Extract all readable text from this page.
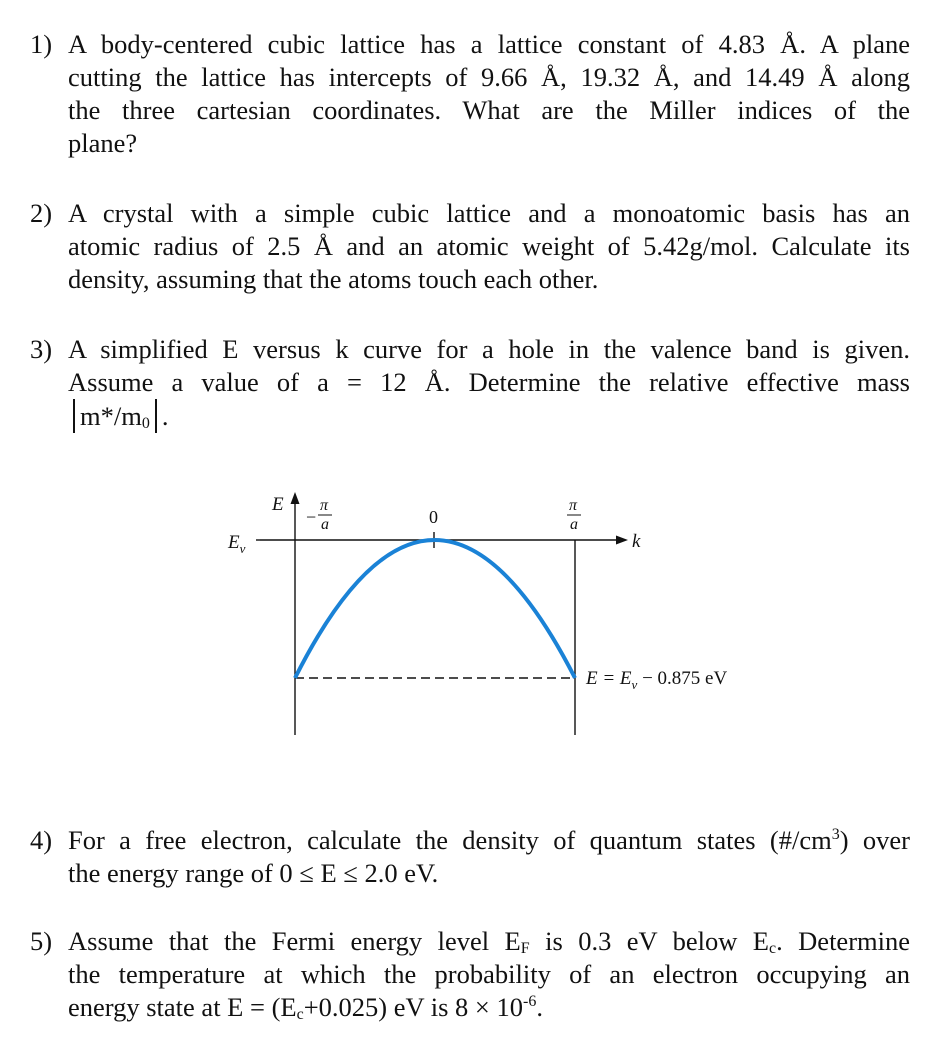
1) A body-centered cubic lattice has a lattice constant of 4.83 Å. A plane
cutting the lattice has intercepts of 9.66 Å, 19.32 Å, and 14.49 Å along
the three cartesian coordinates. What are the Miller indices of the
plane?
2) A crystal with a simple cubic lattice and a monoatomic basis has an
atomic radius of 2.5 Å and an atomic weight of 5.42g/mol. Calculate its
density, assuming that the atoms touch each other.
3) A simplified E versus k curve for a hole in the valence band is given.
Assume a value of a = 12 Å. Determine the relative effective mass
$m*/m_0$ .
E
k
$E_v$
−
π
a	0
π
a
$E = E_v - 0.875$ eV
4) For a free electron, calculate the density of quantum states $(\#/cm^3)$ over
the energy range of 0 ≤ E ≤ 2.0 eV.
5) Assume that the Fermi energy level $E_F$ is 0.3 eV below $E_c$. Determine
the temperature at which the probability of an electron occupying an
energy state at $E = (E_c+0.025)$ eV is $8 \times 10^{-6}$.
